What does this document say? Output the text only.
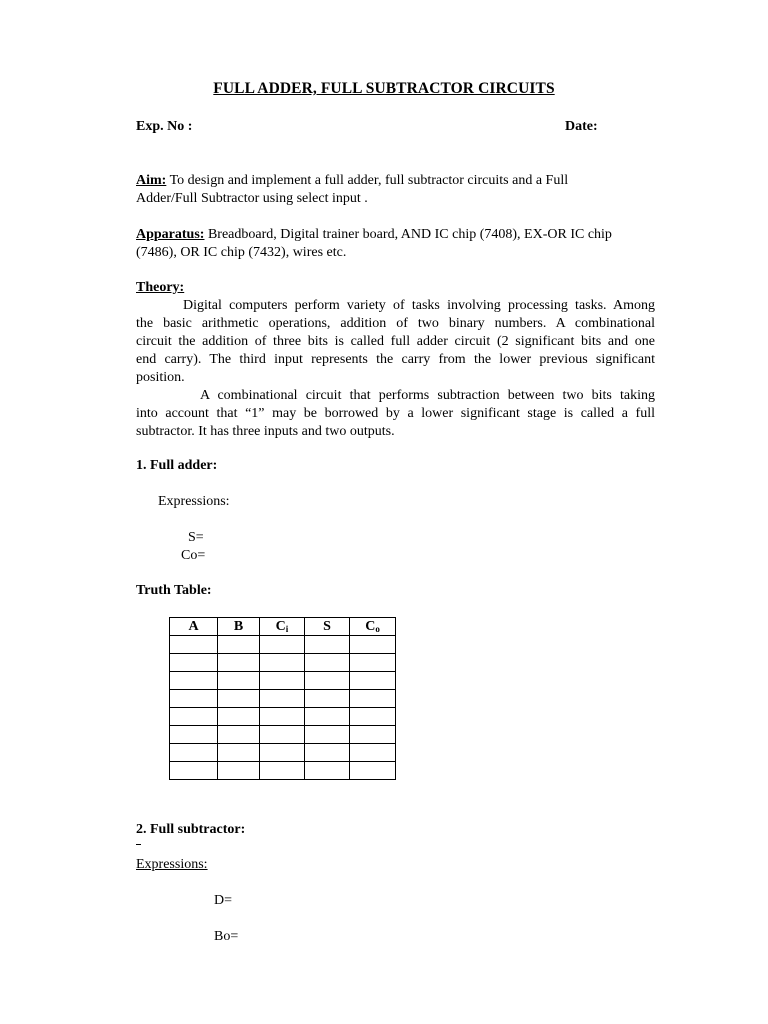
FULL ADDER, FULL SUBTRACTOR CIRCUITS
Exp. No :	Date:
Aim: To design and implement a full adder, full subtractor circuits and a Full
Adder/Full Subtractor using select input .
Apparatus: Breadboard, Digital trainer board, AND IC chip (7408), EX-OR IC chip
(7486), OR IC chip (7432), wires etc.
Theory:
Digital computers perform variety of tasks involving processing tasks. Among
the basic arithmetic operations, addition of two binary numbers. A combinational
circuit the addition of three bits is called full adder circuit (2 significant bits and one
end carry). The third input represents the carry from the lower previous significant
position.
A combinational circuit that performs subtraction between two bits taking
into account that “1” may be borrowed by a lower significant stage is called a full
subtractor. It has three inputs and two outputs.
1. Full adder:
Expressions:
S=
Co=
Truth Table:
A	B	$C_i$	S	$C_o$

2. Full subtractor:
Expressions:
D=
Bo=
